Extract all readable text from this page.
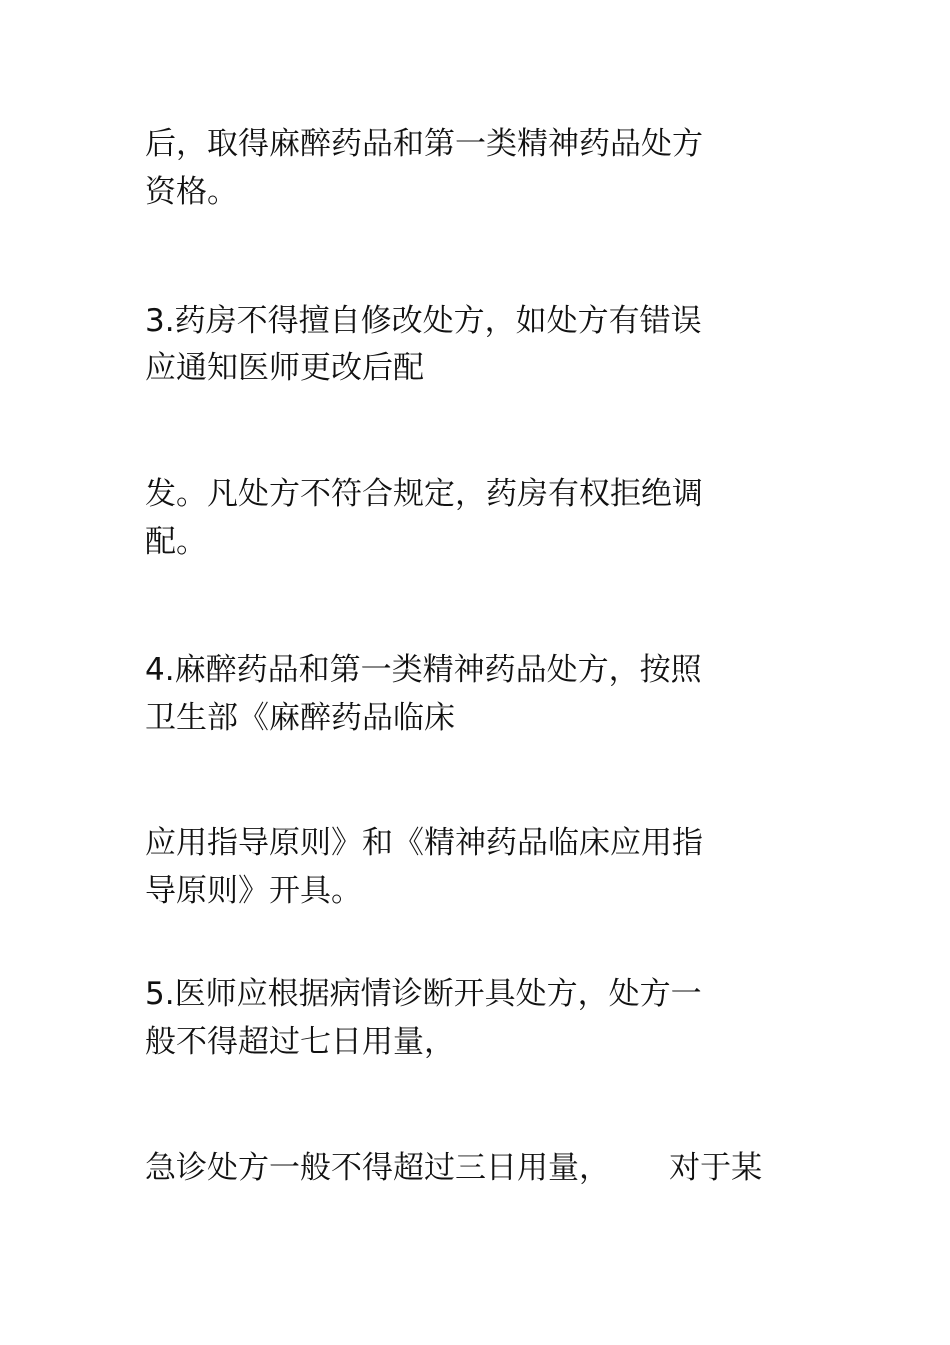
后，取得麻醉药品和第一类精神药品处方
资格。
3.药房不得擅自修改处方，如处方有错误
应通知医师更改后配
发。凡处方不符合规定，药房有权拒绝调
配。
4.麻醉药品和第一类精神药品处方，按照
卫生部《麻醉药品临床
应用指导原则》和《精神药品临床应用指
导原则》开具。
5.医师应根据病情诊断开具处方，处方一
般不得超过七日用量，
急诊处方一般不得超过三日用量，      对于某
